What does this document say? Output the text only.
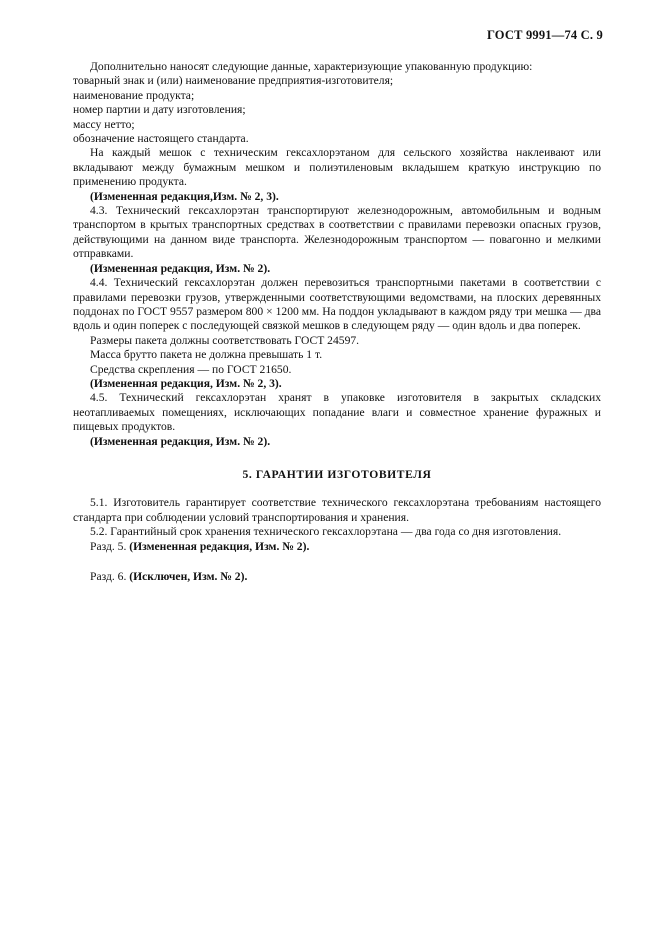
ГОСТ 9991—74 С. 9

Дополнительно наносят следующие данные, характеризующие упакованную продукцию:

товарный знак и (или) наименование предприятия-изготовителя;

наименование продукта;

номер партии и дату изготовления;

массу нетто;

обозначение настоящего стандарта.

На каждый мешок с техническим гексахлорэтаном для сельского хозяйства наклеивают или вкладывают между бумажным мешком и полиэтиленовым вкладышем краткую инструкцию по применению продукта.

(Измененная редакция,Изм. № 2, 3).

4.3. Технический гексахлорэтан транспортируют железнодорожным, автомобильным и водным транспортом в крытых транспортных средствах в соответствии с правилами перевозки опасных грузов, действующими на данном виде транспорта. Железнодорожным транспортом — повагонно и мелкими отправками.

(Измененная редакция, Изм. № 2).

4.4. Технический гексахлорэтан должен перевозиться транспортными пакетами в соответствии с правилами перевозки грузов, утвержденными соответствующими ведомствами, на плоских деревянных поддонах по ГОСТ 9557 размером 800 × 1200 мм. На поддон укладывают в каждом ряду три мешка — два вдоль и один поперек с последующей связкой мешков в следующем ряду — один вдоль и два поперек.

Размеры пакета должны соответствовать ГОСТ 24597.

Масса брутто пакета не должна превышать 1 т.

Средства скрепления — по ГОСТ 21650.

(Измененная редакция, Изм. № 2, 3).

4.5. Технический гексахлорэтан хранят в упаковке изготовителя в закрытых складских неотапливаемых помещениях, исключающих попадание влаги и совместное хранение фуражных и пищевых продуктов.

(Измененная редакция, Изм. № 2).

5. ГАРАНТИИ ИЗГОТОВИТЕЛЯ

5.1. Изготовитель гарантирует соответствие технического гексахлорэтана требованиям настоящего стандарта при соблюдении условий транспортирования и хранения.

5.2. Гарантийный срок хранения технического гексахлорэтана — два года со дня изготовления.

Разд. 5. (Измененная редакция, Изм. № 2).

Разд. 6. (Исключен, Изм. № 2).
